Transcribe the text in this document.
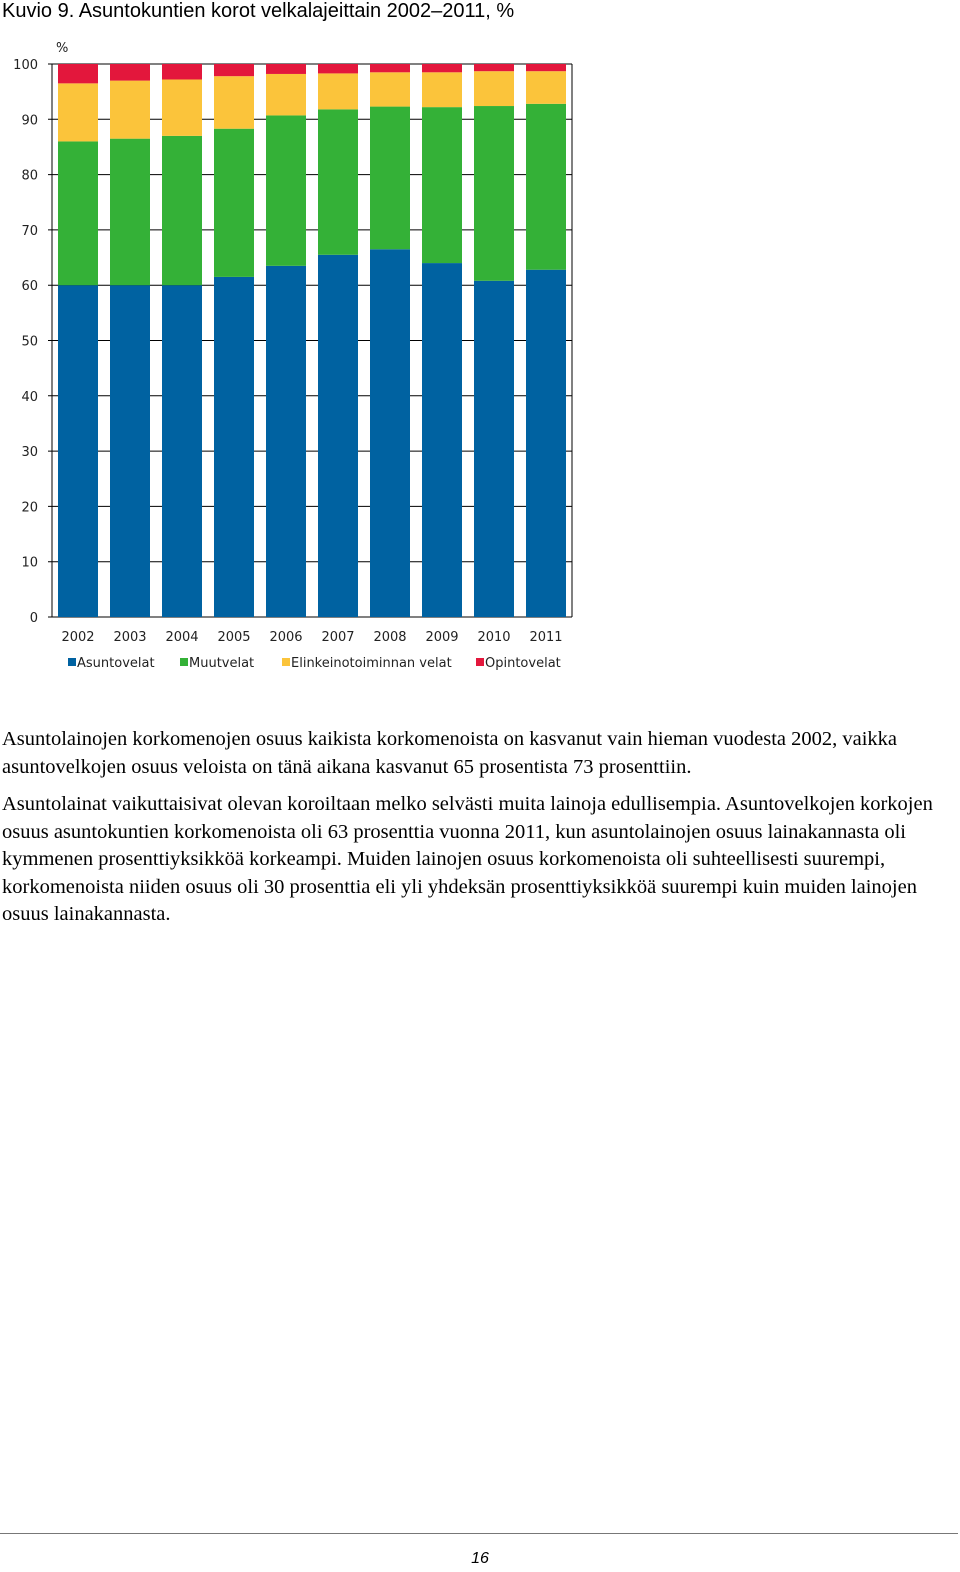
Kuvio 9. Asuntokuntien korot velkalajeittain 2002–2011, %
0
10
20
30
40
50
60
70
80
90
100
%
2002 2003 2004 2005 2006 2007 2008 2009 2010 2011
Asuntovelat	Muutvelat	Elinkeinotoiminnan velat	Opintovelat

Asuntolainojen korkomenojen osuus kaikista korkomenoista on kasvanut vain hieman vuodesta 2002, vaikka asuntovelkojen osuus veloista on tänä aikana kasvanut 65 prosentista 73 prosenttiin.

Asuntolainat vaikuttaisivat olevan koroiltaan melko selvästi muita lainoja edullisempia. Asuntovelkojen korkojen osuus asuntokuntien korkomenoista oli 63 prosenttia vuonna 2011, kun asuntolainojen osuus lainakannasta oli kymmenen prosenttiyksikköä korkeampi. Muiden lainojen osuus korkomenoista oli suhteellisesti suurempi, korkomenoista niiden osuus oli 30 prosenttia eli yli yhdeksän prosenttiyksikköä suurempi kuin muiden lainojen osuus lainakannasta.

16
